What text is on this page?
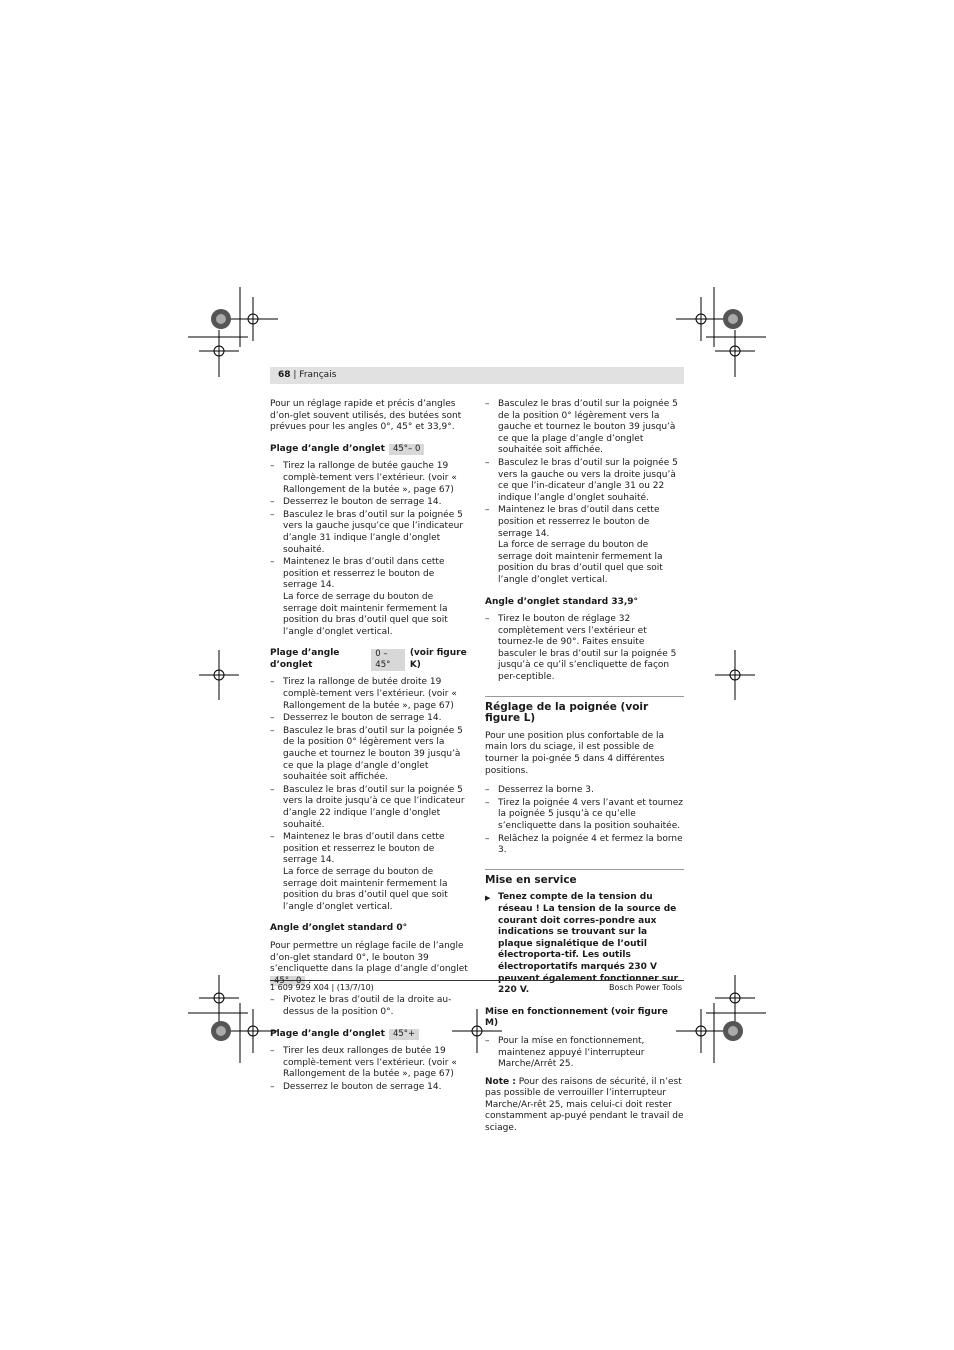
68 | Français

Pour un réglage rapide et précis d’angles d’on-glet souvent utilisés, des butées sont prévues pour les angles 0°, 45° et 33,9°.

Plage d’angle d’onglet 45°– 0
– Tirez la rallonge de butée gauche 19 complè-tement vers l’extérieur. (voir « Rallongement de la butée », page 67)
– Desserrez le bouton de serrage 14.
– Basculez le bras d’outil sur la poignée 5 vers la gauche jusqu’ce que l’indicateur d’angle 31 indique l’angle d’onglet souhaité.
– Maintenez le bras d’outil dans cette position et resserrez le bouton de serrage 14.
La force de serrage du bouton de serrage doit maintenir fermement la position du bras d’outil quel que soit l’angle d’onglet vertical.
Plage d’angle d’onglet
0 – 45°
(voir figure K)
– Tirez la rallonge de butée droite 19 complè-tement vers l’extérieur. (voir « Rallongement de la butée », page 67)
– Desserrez le bouton de serrage 14.
– Basculez le bras d’outil sur la poignée 5 de la position 0° légèrement vers la gauche et tournez le bouton 39 jusqu’à ce que la plage d’angle d’onglet souhaitée soit affichée.
– Basculez le bras d’outil sur la poignée 5 vers la droite jusqu’à ce que l’indicateur d’angle 22 indique l’angle d’onglet souhaité.
– Maintenez le bras d’outil dans cette position et resserrez le bouton de serrage 14.
La force de serrage du bouton de serrage doit maintenir fermement la position du bras d’outil quel que soit l’angle d’onglet vertical.
Angle d’onglet standard 0°

Pour permettre un réglage facile de l’angle d’on-glet standard 0°, le bouton 39 s’encliquette dans la plage d’angle d’onglet 45°– 0 .

– Pivotez le bras d’outil de la droite au-dessus de la position 0°.
Plage d’angle d’onglet 45°+
– Tirer les deux rallonges de butée 19 complè-tement vers l’extérieur. (voir « Rallongement de la butée », page 67)
– Desserrez le bouton de serrage 14.
– Basculez le bras d’outil sur la poignée 5 de la position 0° légèrement vers la gauche et tournez le bouton 39 jusqu’à ce que la plage d’angle d’onglet souhaitée soit affichée.
– Basculez le bras d’outil sur la poignée 5 vers la gauche ou vers la droite jusqu’à ce que l’in-dicateur d’angle 31 ou 22 indique l’angle d’onglet souhaité.
– Maintenez le bras d’outil dans cette position et resserrez le bouton de serrage 14.
La force de serrage du bouton de serrage doit maintenir fermement la position du bras d’outil quel que soit l’angle d’onglet vertical.
Angle d’onglet standard 33,9°
– Tirez le bouton de réglage 32 complètement vers l’extérieur et tournez-le de 90°. Faites ensuite basculer le bras d’outil sur la poignée 5 jusqu’à ce qu’il s’encliquette de façon per-ceptible.
Réglage de la poignée (voir figure L)

Pour une position plus confortable de la main lors du sciage, il est possible de tourner la poi-gnée 5 dans 4 différentes positions.

– Desserrez la borne 3.
– Tirez la poignée 4 vers l’avant et tournez la poignée 5 jusqu’à ce qu’elle s’encliquette dans la position souhaitée.
– Relâchez la poignée 4 et fermez la borne 3.
Mise en service
▶ Tenez compte de la tension du réseau ! La tension de la source de courant doit corres-pondre aux indications se trouvant sur la plaque signalétique de l’outil électroporta-tif. Les outils électroportatifs marqués 230 V peuvent également fonctionner sur 220 V.
Mise en fonctionnement (voir figure M)
– Pour la mise en fonctionnement, maintenez appuyé l’interrupteur Marche/Arrêt 25.

Note : Pour des raisons de sécurité, il n’est pas possible de verrouiller l’interrupteur Marche/Ar-rêt 25, mais celui-ci doit rester constamment ap-puyé pendant le travail de sciage.

1 609 929 X04 | (13/7/10)	Bosch Power Tools
